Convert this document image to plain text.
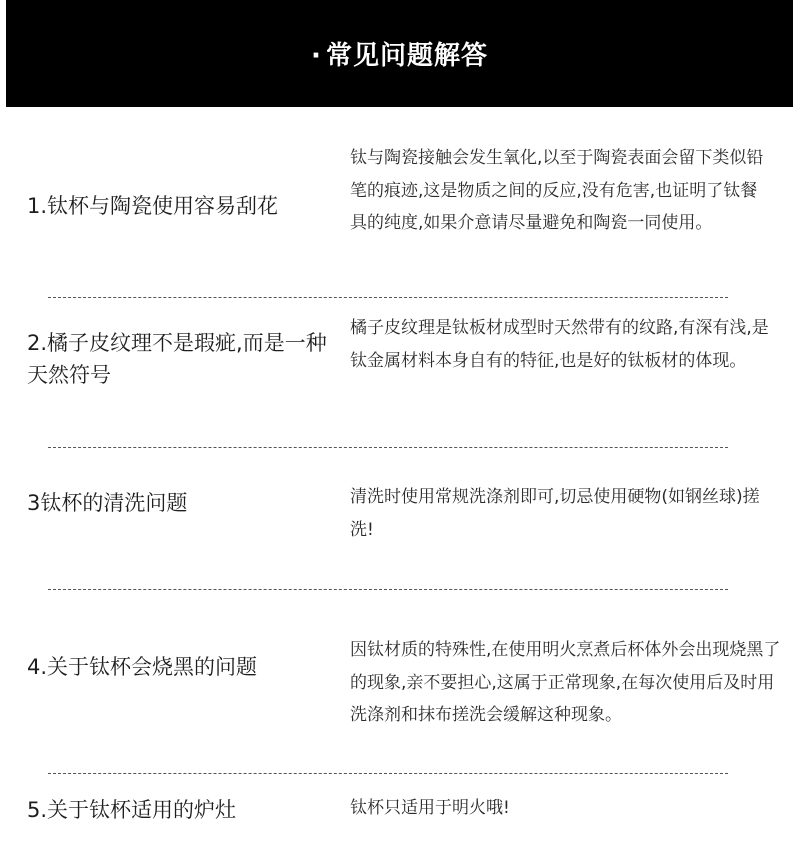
· 常见问题解答
1.钛杯与陶瓷使用容易刮花
钛与陶瓷接触会发生氧化,以至于陶瓷表面会留下类似铅笔的痕迹,这是物质之间的反应,没有危害,也证明了钛餐具的纯度,如果介意请尽量避免和陶瓷一同使用。
2.橘子皮纹理不是瑕疵,而是一种天然符号
橘子皮纹理是钛板材成型时天然带有的纹路,有深有浅,是钛金属材料本身自有的特征,也是好的钛板材的体现。
3钛杯的清洗问题	清洗时使用常规洗涤剂即可,切忌使用硬物(如钢丝球)搓洗!
4.关于钛杯会烧黑的问题
因钛材质的特殊性,在使用明火烹煮后杯体外会出现烧黑了的现象,亲不要担心,这属于正常现象,在每次使用后及时用洗涤剂和抹布搓洗会缓解这种现象。
5.关于钛杯适用的炉灶	钛杯只适用于明火哦!
